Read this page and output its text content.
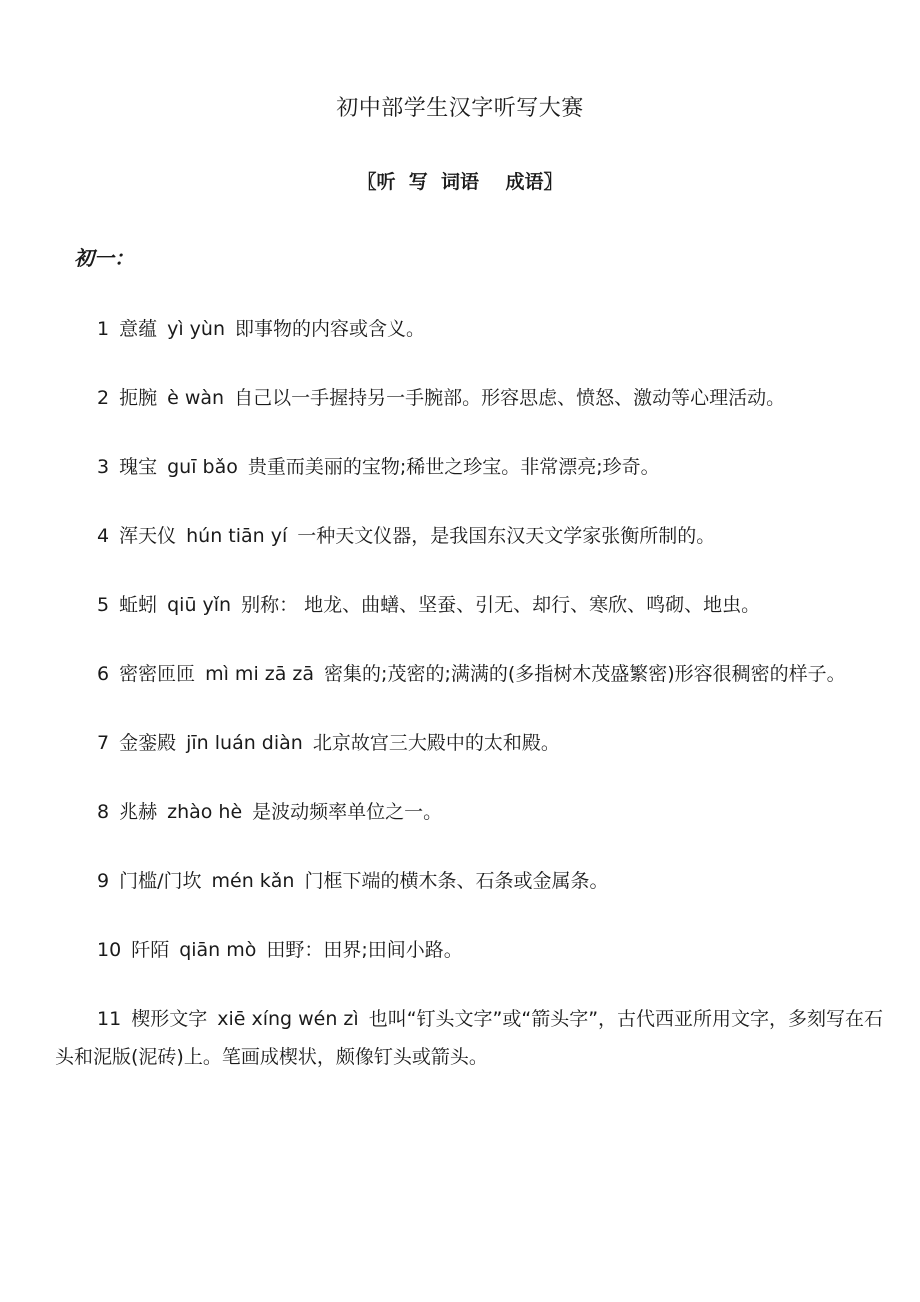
初中部学生汉字听写大赛
〖听  写  词语    成语〗
初一：

1 意蕴 yì yùn 即事物的内容或含义。

2 扼腕 è wàn 自己以一手握持另一手腕部。形容思虑、愤怒、激动等心理活动。

3 瑰宝 guī bǎo 贵重而美丽的宝物;稀世之珍宝。非常漂亮;珍奇。

4 浑天仪 hún tiān yí 一种天文仪器，是我国东汉天文学家张衡所制的。

5 蚯蚓 qiū yǐn 别称： 地龙、曲蟮、坚蚕、引无、却行、寒欣、鸣砌、地虫。

6 密密匝匝 mì mi zā zā 密集的;茂密的;满满的(多指树木茂盛繁密)形容很稠密的样子。

7 金銮殿 jīn luán diàn 北京故宫三大殿中的太和殿。

8 兆赫 zhào hè 是波动频率单位之一。

9 门槛/门坎 mén kǎn 门框下端的横木条、石条或金属条。

10 阡陌 qiān mò 田野：田界;田间小路。

11 楔形文字 xiē xíng wén zì 也叫“钉头文字”或“箭头字”，古代西亚所用文字，多刻写在石头和泥版(泥砖)上。笔画成楔状，颇像钉头或箭头。
